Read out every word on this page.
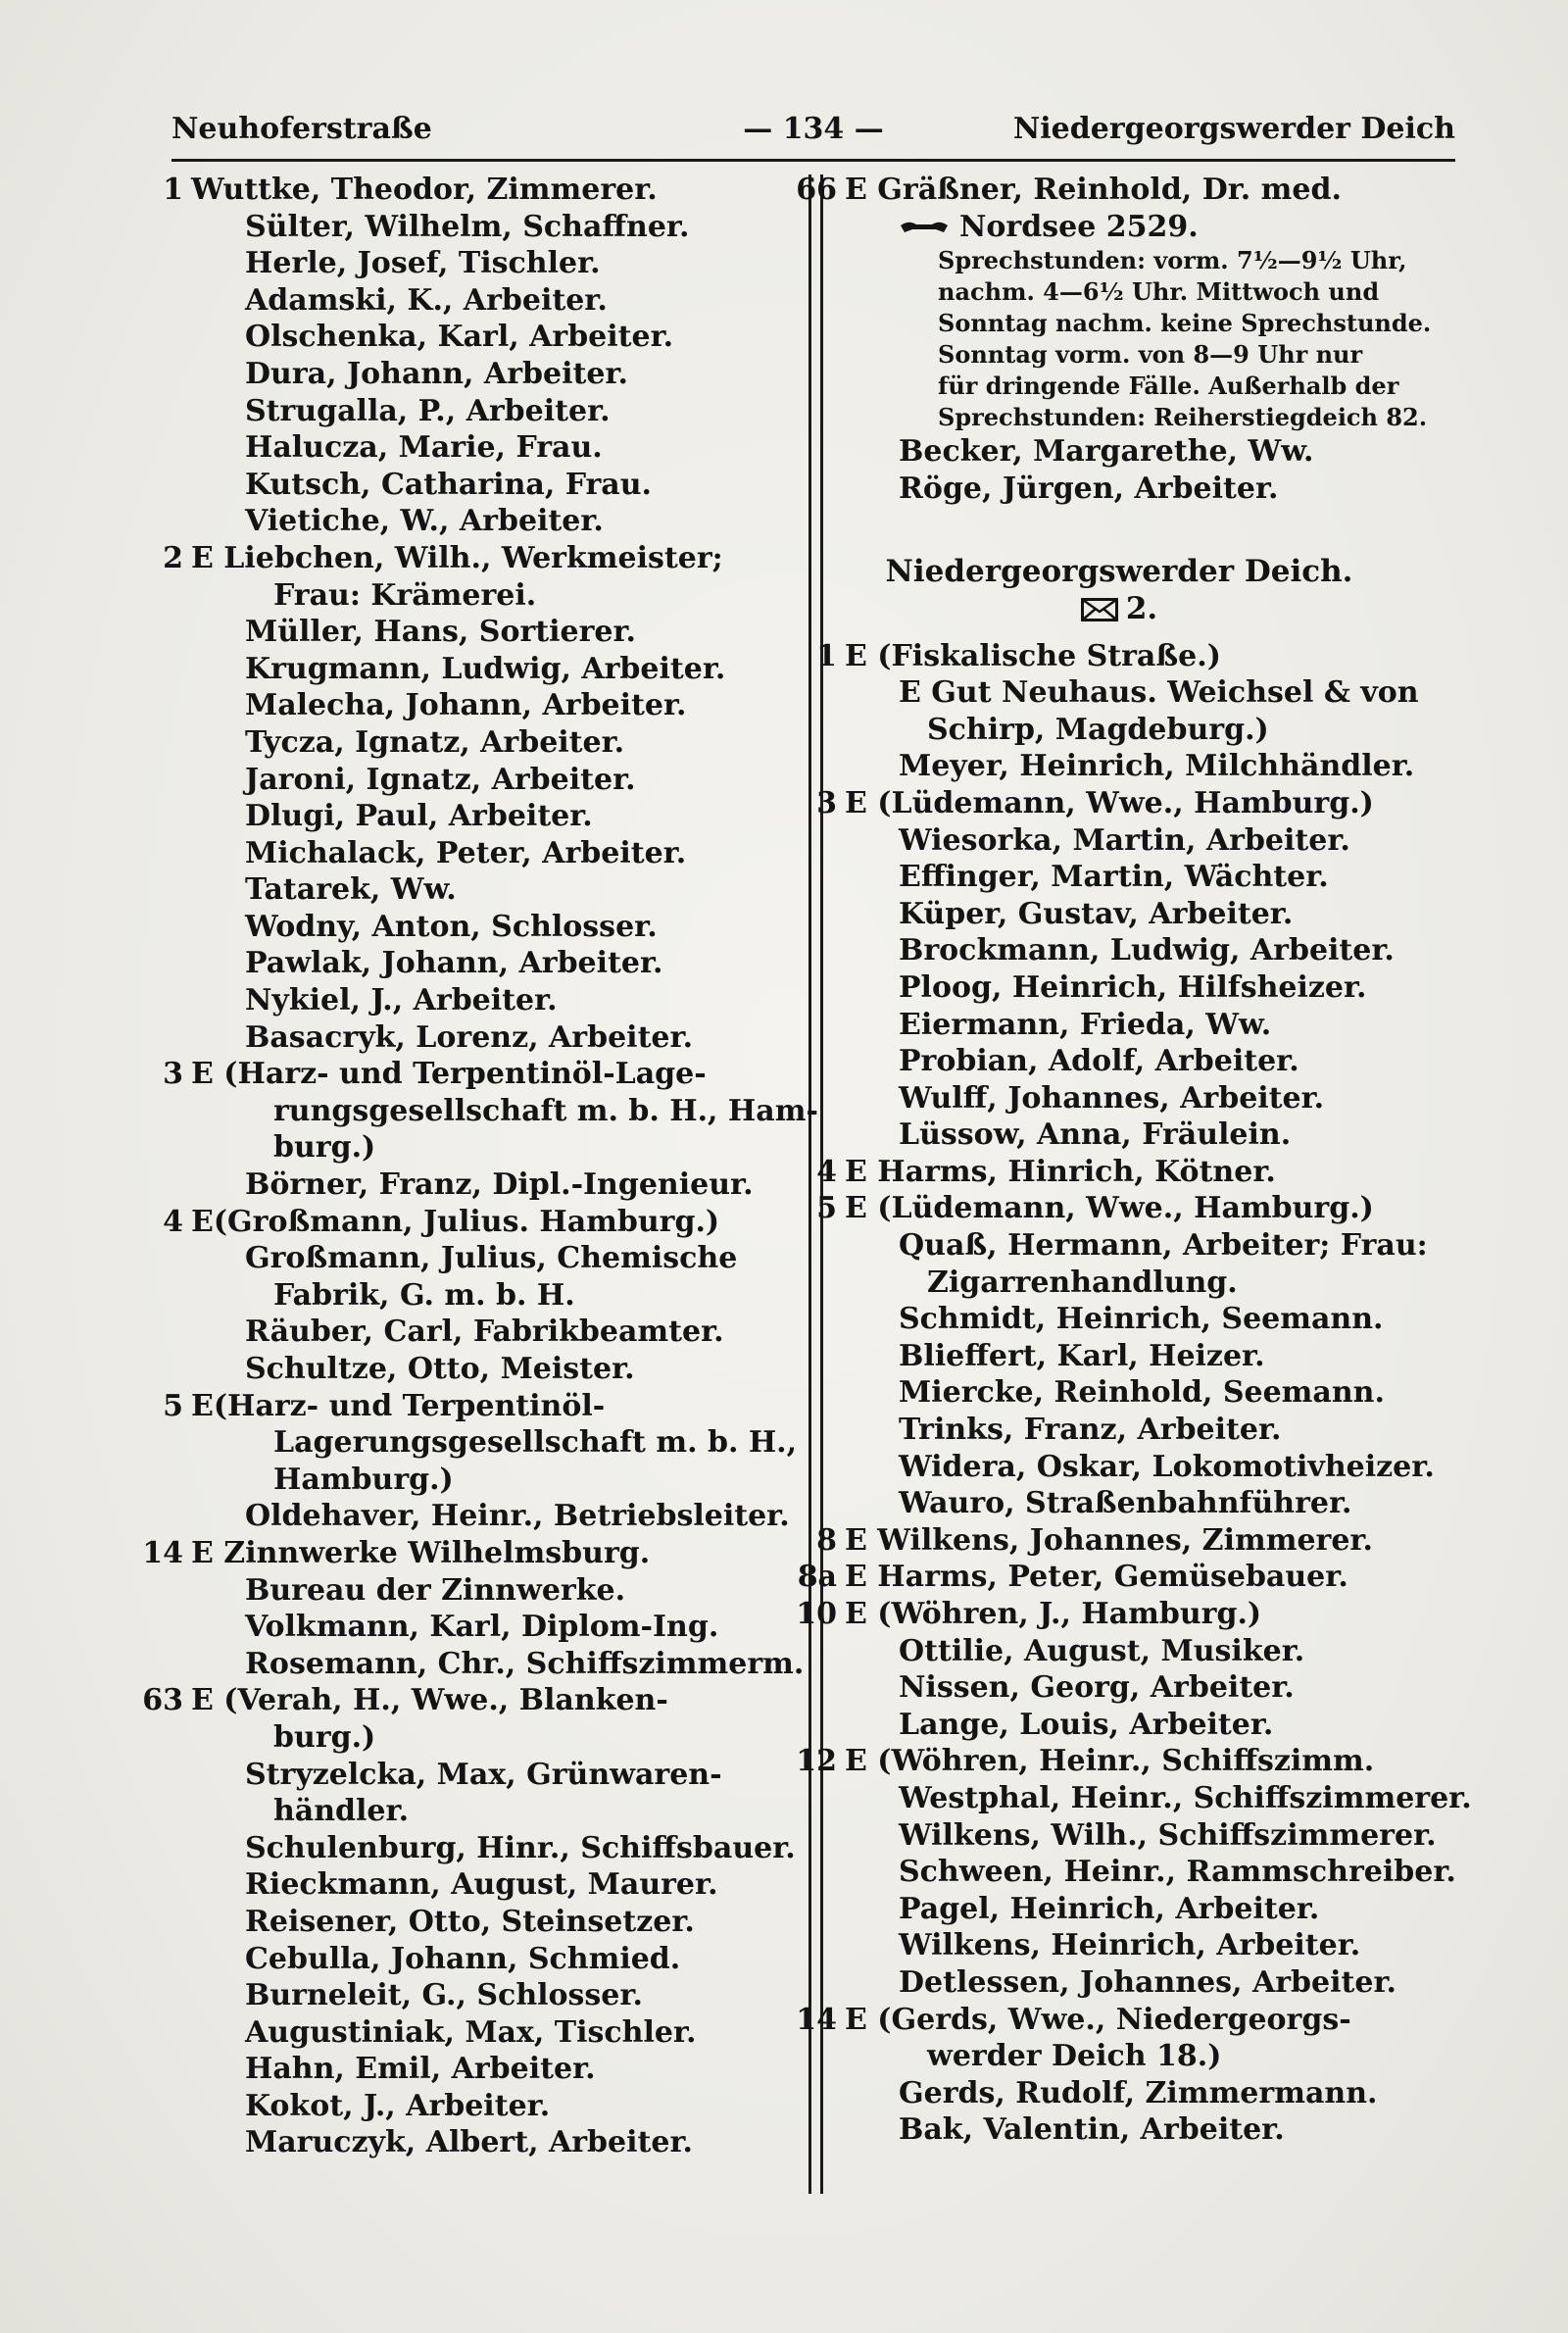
Neuhoferstraße	— 134 —	Niedergeorgswerder Deich
1 Wuttke, Theodor, Zimmerer.
Sülter, Wilhelm, Schaffner.
Herle, Josef, Tischler.
Adamski, K., Arbeiter.
Olschenka, Karl, Arbeiter.
Dura, Johann, Arbeiter.
Strugalla, P., Arbeiter.
Halucza, Marie, Frau.
Kutsch, Catharina, Frau.
Vietiche, W., Arbeiter.
2 E Liebchen, Wilh., Werkmeister;
Frau: Krämerei.
Müller, Hans, Sortierer.
Krugmann, Ludwig, Arbeiter.
Malecha, Johann, Arbeiter.
Tycza, Ignatz, Arbeiter.
Jaroni, Ignatz, Arbeiter.
Dlugi, Paul, Arbeiter.
Michalack, Peter, Arbeiter.
Tatarek, Ww.
Wodny, Anton, Schlosser.
Pawlak, Johann, Arbeiter.
Nykiel, J., Arbeiter.
Basacryk, Lorenz, Arbeiter.
3 E (Harz- und Terpentinöl-Lage-
rungsgesellschaft m. b. H., Ham-
burg.)
Börner, Franz, Dipl.-Ingenieur.
4 E(Großmann, Julius. Hamburg.)
Großmann, Julius, Chemische
Fabrik, G. m. b. H.
Räuber, Carl, Fabrikbeamter.
Schultze, Otto, Meister.
5 E(Harz- und Terpentinöl-
Lagerungsgesellschaft m. b. H.,
Hamburg.)
Oldehaver, Heinr., Betriebsleiter.
14 E Zinnwerke Wilhelmsburg.
Bureau der Zinnwerke.
Volkmann, Karl, Diplom-Ing.
Rosemann, Chr., Schiffszimmerm.
63 E (Verah, H., Wwe., Blanken-
burg.)
Stryzelcka, Max, Grünwaren-
händler.
Schulenburg, Hinr., Schiffsbauer.
Rieckmann, August, Maurer.
Reisener, Otto, Steinsetzer.
Cebulla, Johann, Schmied.
Burneleit, G., Schlosser.
Augustiniak, Max, Tischler.
Hahn, Emil, Arbeiter.
Kokot, J., Arbeiter.
Maruczyk, Albert, Arbeiter.
66 E Gräßner, Reinhold, Dr. med.
Nordsee 2529.
Sprechstunden: vorm. 7½—9½ Uhr,
nachm. 4—6½ Uhr. Mittwoch und
Sonntag nachm. keine Sprechstunde.
Sonntag vorm. von 8—9 Uhr nur
für dringende Fälle. Außerhalb der
Sprechstunden: Reiherstiegdeich 82.
Becker, Margarethe, Ww.
Röge, Jürgen, Arbeiter.
Niedergeorgswerder Deich.
2.
1 E (Fiskalische Straße.)
E Gut Neuhaus. Weichsel & von
Schirp, Magdeburg.)
Meyer, Heinrich, Milchhändler.
3 E (Lüdemann, Wwe., Hamburg.)
Wiesorka, Martin, Arbeiter.
Effinger, Martin, Wächter.
Küper, Gustav, Arbeiter.
Brockmann, Ludwig, Arbeiter.
Ploog, Heinrich, Hilfsheizer.
Eiermann, Frieda, Ww.
Probian, Adolf, Arbeiter.
Wulff, Johannes, Arbeiter.
Lüssow, Anna, Fräulein.
4 E Harms, Hinrich, Kötner.
5 E (Lüdemann, Wwe., Hamburg.)
Quaß, Hermann, Arbeiter; Frau:
Zigarrenhandlung.
Schmidt, Heinrich, Seemann.
Blieffert, Karl, Heizer.
Miercke, Reinhold, Seemann.
Trinks, Franz, Arbeiter.
Widera, Oskar, Lokomotivheizer.
Wauro, Straßenbahnführer.
8 E Wilkens, Johannes, Zimmerer.
8a E Harms, Peter, Gemüsebauer.
10 E (Wöhren, J., Hamburg.)
Ottilie, August, Musiker.
Nissen, Georg, Arbeiter.
Lange, Louis, Arbeiter.
12 E (Wöhren, Heinr., Schiffszimm.
Westphal, Heinr., Schiffszimmerer.
Wilkens, Wilh., Schiffszimmerer.
Schween, Heinr., Rammschreiber.
Pagel, Heinrich, Arbeiter.
Wilkens, Heinrich, Arbeiter.
Detlessen, Johannes, Arbeiter.
14 E (Gerds, Wwe., Niedergeorgs-
werder Deich 18.)
Gerds, Rudolf, Zimmermann.
Bak, Valentin, Arbeiter.
